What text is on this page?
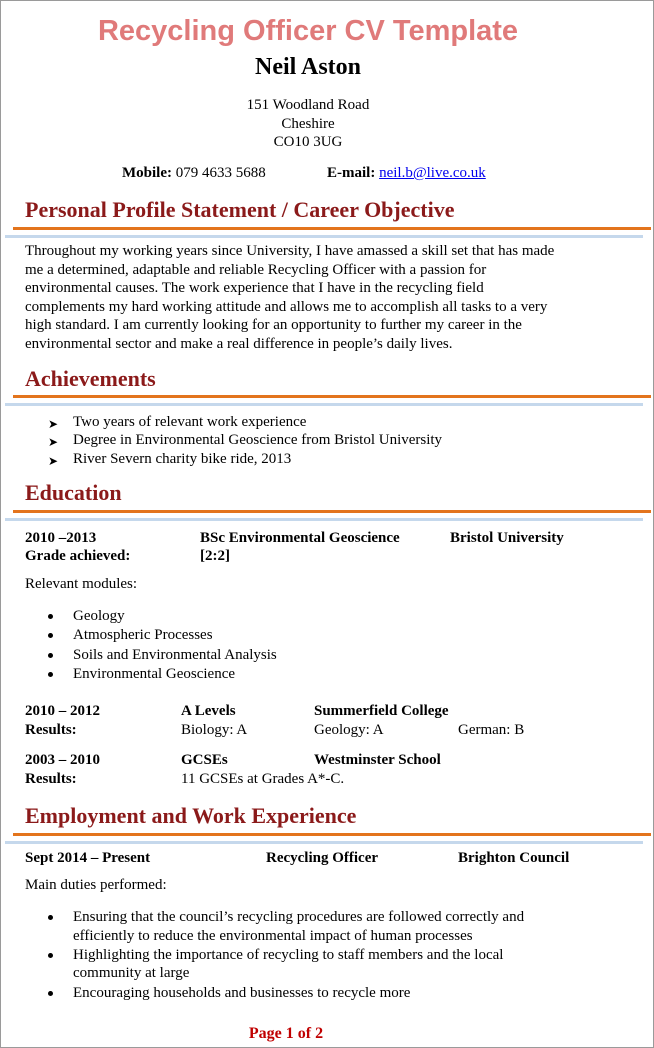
Recycling Officer CV Template
Neil Aston
151 Woodland Road
Cheshire
CO10 3UG
Mobile: 079 4633 5688	E-mail: neil.b@live.co.uk
Personal Profile Statement / Career Objective
Throughout my working years since University, I have amassed a skill set that has made
me a determined, adaptable and reliable Recycling Officer with a passion for
environmental causes. The work experience that I have in the recycling field
complements my hard working attitude and allows me to accomplish all tasks to a very
high standard. I am currently looking for an opportunity to further my career in the
environmental sector and make a real difference in people’s daily lives.
Achievements
➤ Two years of relevant work experience
➤ Degree in Environmental Geoscience from Bristol University
➤ River Severn charity bike ride, 2013
Education
2010 –2013	BSc Environmental Geoscience	Bristol University
Grade achieved:	[2:2]
Relevant modules:
Geology
Atmospheric Processes
Soils and Environmental Analysis
Environmental Geoscience
2010 – 2012	A Levels	Summerfield College
Results:	Biology: A	Geology: A	German: B
2003 – 2010	GCSEs	Westminster School
Results:	11 GCSEs at Grades A*-C.
Employment and Work Experience
Sept 2014 – Present	Recycling Officer	Brighton Council
Main duties performed:
Ensuring that the council’s recycling procedures are followed correctly and
efficiently to reduce the environmental impact of human processes
Highlighting the importance of recycling to staff members and the local
community at large
Encouraging households and businesses to recycle more
Page 1 of 2
